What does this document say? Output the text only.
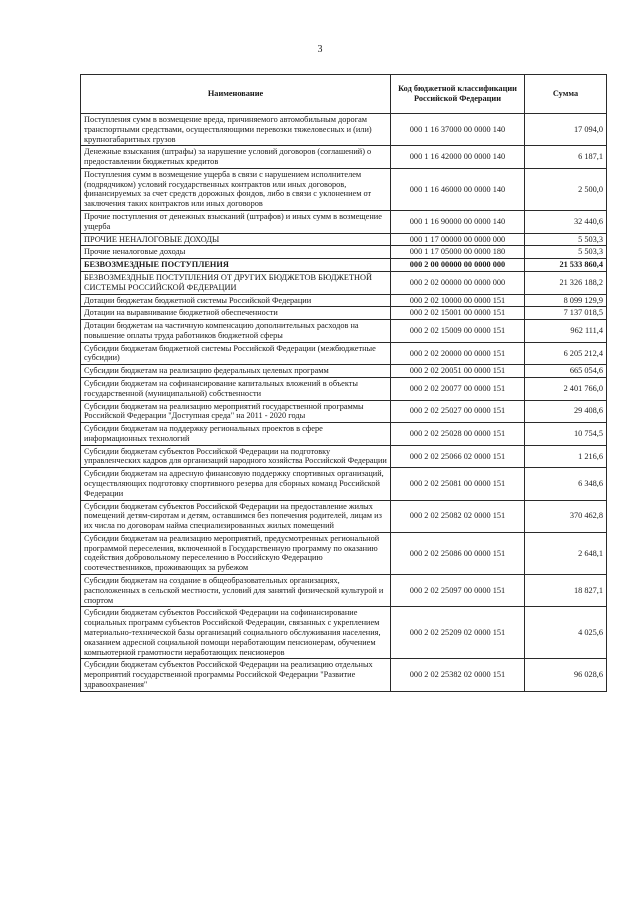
3
Наименование	Код бюджетной классификации Российской Федерации	Сумма
Поступления сумм в возмещение вреда, причиняемого автомобильным дорогам транспортными средствами, осуществляющими перевозки тяжеловесных и (или) крупногабаритных грузов	000 1 16 37000 00 0000 140	17 094,0
Денежные взыскания (штрафы) за нарушение условий договоров (соглашений) о предоставлении бюджетных кредитов	000 1 16 42000 00 0000 140	6 187,1
Поступления сумм в возмещение ущерба в связи с нарушением исполнителем (подрядчиком) условий государственных контрактов или иных договоров, финансируемых за счет средств дорожных фондов, либо в связи с уклонением от заключения таких контрактов или иных договоров	000 1 16 46000 00 0000 140	2 500,0
Прочие поступления от денежных взысканий (штрафов) и иных сумм в возмещение ущерба	000 1 16 90000 00 0000 140	32 440,6
ПРОЧИЕ НЕНАЛОГОВЫЕ ДОХОДЫ	000 1 17 00000 00 0000 000	5 503,3
Прочие неналоговые доходы	000 1 17 05000 00 0000 180	5 503,3
БЕЗВОЗМЕЗДНЫЕ ПОСТУПЛЕНИЯ	000 2 00 00000 00 0000 000	21 533 860,4
БЕЗВОЗМЕЗДНЫЕ ПОСТУПЛЕНИЯ ОТ ДРУГИХ БЮДЖЕТОВ БЮДЖЕТНОЙ СИСТЕМЫ РОССИЙСКОЙ ФЕДЕРАЦИИ	000 2 02 00000 00 0000 000	21 326 188,2
Дотации бюджетам бюджетной системы Российской Федерации	000 2 02 10000 00 0000 151	8 099 129,9
Дотации на выравнивание бюджетной обеспеченности	000 2 02 15001 00 0000 151	7 137 018,5
Дотации бюджетам на частичную компенсацию дополнительных расходов на повышение оплаты труда работников бюджетной сферы	000 2 02 15009 00 0000 151	962 111,4
Субсидии бюджетам бюджетной системы Российской Федерации (межбюджетные субсидии)	000 2 02 20000 00 0000 151	6 205 212,4
Субсидии бюджетам на реализацию федеральных целевых программ	000 2 02 20051 00 0000 151	665 054,6
Субсидии бюджетам на софинансирование капитальных вложений в объекты государственной (муниципальной) собственности	000 2 02 20077 00 0000 151	2 401 766,0
Субсидии бюджетам на реализацию мероприятий государственной программы Российской Федерации "Доступная среда" на 2011 - 2020 годы	000 2 02 25027 00 0000 151	29 408,6
Субсидии бюджетам на поддержку региональных проектов в сфере информационных технологий	000 2 02 25028 00 0000 151	10 754,5
Субсидии бюджетам субъектов Российской Федерации на подготовку управленческих кадров для организаций народного хозяйства Российской Федерации	000 2 02 25066 02 0000 151	1 216,6
Субсидии бюджетам на адресную финансовую поддержку спортивных организаций, осуществляющих подготовку спортивного резерва для сборных команд Российской Федерации	000 2 02 25081 00 0000 151	6 348,6
Субсидии бюджетам субъектов Российской Федерации на предоставление жилых помещений детям-сиротам и детям, оставшимся без попечения родителей, лицам из их числа по договорам найма специализированных жилых помещений	000 2 02 25082 02 0000 151	370 462,8
Субсидии бюджетам на реализацию мероприятий, предусмотренных региональной программой переселения, включенной в Государственную программу по оказанию содействия добровольному переселению в Российскую Федерацию соотечественников, проживающих за рубежом	000 2 02 25086 00 0000 151	2 648,1
Субсидии бюджетам на создание в общеобразовательных организациях, расположенных в сельской местности, условий для занятий физической культурой и спортом	000 2 02 25097 00 0000 151	18 827,1
Субсидии бюджетам субъектов Российской Федерации на софинансирование социальных программ субъектов Российской Федерации, связанных с укреплением материально-технической базы организаций социального обслуживания населения, оказанием адресной социальной помощи неработающим пенсионерам, обучением компьютерной грамотности неработающих пенсионеров	000 2 02 25209 02 0000 151	4 025,6
Субсидии бюджетам субъектов Российской Федерации на реализацию отдельных мероприятий государственной программы Российской Федерации "Развитие здравоохранения"	000 2 02 25382 02 0000 151	96 028,6
